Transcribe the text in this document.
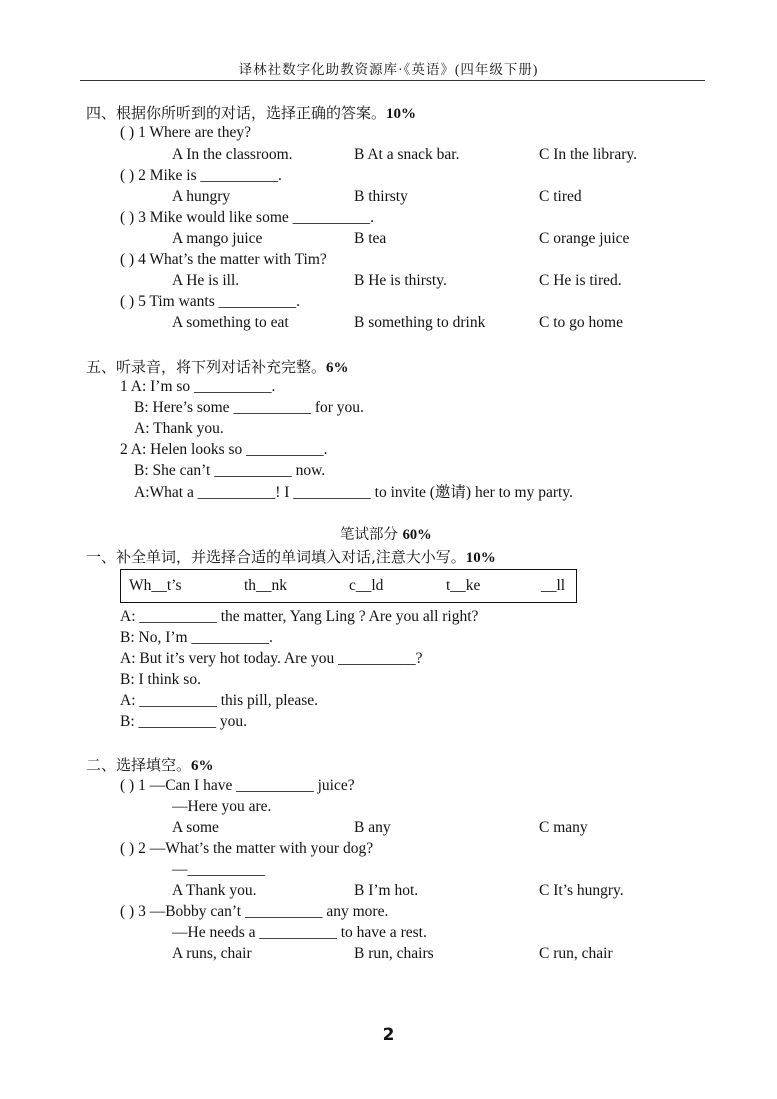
译林社数字化助教资源库·《英语》(四年级下册)
四、根据你所听到的对话，选择正确的答案。10%
( ) 1 Where are they?
A In the classroom.	B At a snack bar.	C In the library.
( ) 2 Mike is __________.
A hungry	B thirsty	C tired
( ) 3 Mike would like some __________.
A mango juice	B tea	C orange juice
( ) 4 What’s the matter with Tim?
A He is ill.	B He is thirsty.	C He is tired.
( ) 5 Tim wants __________.
A something to eat	B something to drink	C to go home
五、听录音，将下列对话补充完整。6%
1 A: I’m so __________.
B: Here’s some __________ for you.
A: Thank you.
2 A: Helen looks so __________.
B: She can’t __________ now.
A:What a __________! I __________ to invite (邀请) her to my party.
笔试部分 60%
一、补全单词，并选择合适的单词填入对话,注意大小写。10%
Wh__t’s	th__nk	c__ld	t__ke	__ll
A: __________ the matter, Yang Ling ? Are you all right?
B: No, I’m __________.
A: But it’s very hot today. Are you __________?
B: I think so.
A: __________ this pill, please.
B: __________ you.
二、选择填空。6%
( ) 1 —Can I have __________ juice?
—Here you are.
A some	B any	C many
( ) 2 —What’s the matter with your dog?
—__________
A Thank you.	B I’m hot.	C It’s hungry.
( ) 3 —Bobby can’t __________ any more.
—He needs a __________ to have a rest.
A runs, chair	B run, chairs	C run, chair
2
